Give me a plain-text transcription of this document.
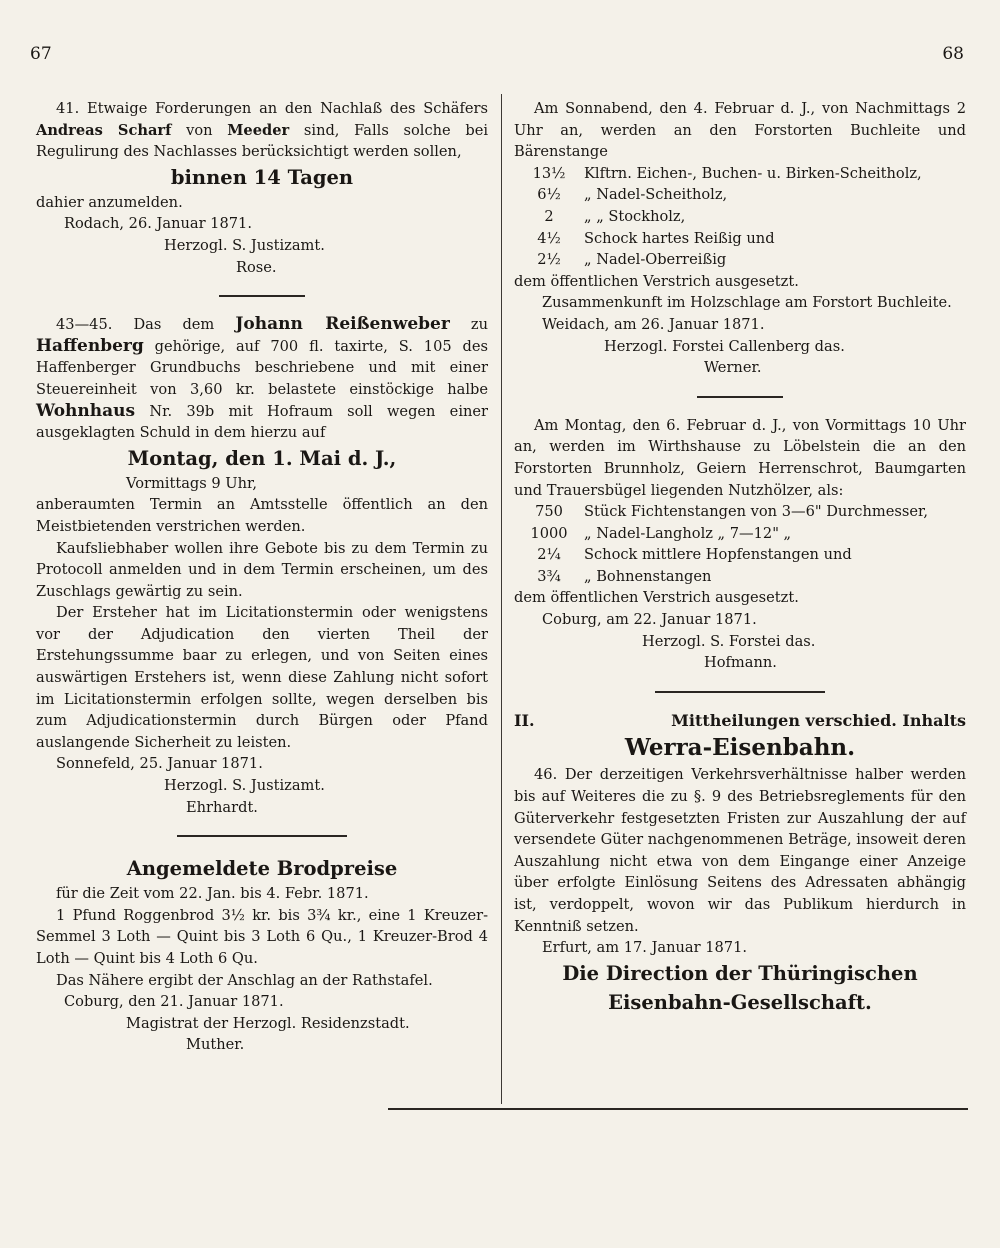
67	68

41. Etwaige Forderungen an den Nachlaß des Schäfers Andreas Scharf von Meeder sind, Falls solche bei Regulirung des Nachlasses berücksichtigt werden sollen,

binnen 14 Tagen

dahier anzumelden.

Rodach, 26. Januar 1871.

Herzogl. S. Justizamt.

Rose.

43—45. Das dem Johann Reißenweber zu Haffenberg gehörige, auf 700 fl. taxirte, S. 105 des Haffenberger Grundbuchs beschriebene und mit einer Steuereinheit von 3,60 kr. belastete einstöckige halbe Wohnhaus Nr. 39b mit Hofraum soll wegen einer ausgeklagten Schuld in dem hierzu auf

Montag, den 1. Mai d. J.,

Vormittags 9 Uhr,

anberaumten Termin an Amtsstelle öffentlich an den Meistbietenden verstrichen werden.

Kaufsliebhaber wollen ihre Gebote bis zu dem Termin zu Protocoll anmelden und in dem Termin erscheinen, um des Zuschlags gewärtig zu sein.

Der Ersteher hat im Licitationstermin oder wenigstens vor der Adjudication den vierten Theil der Erstehungssumme baar zu erlegen, und von Seiten eines auswärtigen Erstehers ist, wenn diese Zahlung nicht sofort im Licitationstermin erfolgen sollte, wegen derselben bis zum Adjudicationstermin durch Bürgen oder Pfand auslangende Sicherheit zu leisten.

Sonnefeld, 25. Januar 1871.

Herzogl. S. Justizamt.

Ehrhardt.

Angemeldete Brodpreise

für die Zeit vom 22. Jan. bis 4. Febr. 1871.

1 Pfund Roggenbrod 3½ kr. bis 3¾ kr., eine 1 Kreuzer-Semmel 3 Loth — Quint bis 3 Loth 6 Qu., 1 Kreuzer-Brod 4 Loth — Quint bis 4 Loth 6 Qu.

Das Nähere ergibt der Anschlag an der Rathstafel.

Coburg, den 21. Januar 1871.

Magistrat der Herzogl. Residenzstadt.

Muther.

Am Sonnabend, den 4. Februar d. J., von Nachmittags 2 Uhr an, werden an den Forstorten Buchleite und Bärenstange

13½	Klftrn. Eichen-, Buchen- u. Birken-Scheitholz,
6½	„ Nadel-Scheitholz,
2	„ „ Stockholz,
4½	Schock hartes Reißig und
2½	„ Nadel-Oberreißig

dem öffentlichen Verstrich ausgesetzt.

Zusammenkunft im Holzschlage am Forstort Buchleite.

Weidach, am 26. Januar 1871.

Herzogl. Forstei Callenberg das.

Werner.

Am Montag, den 6. Februar d. J., von Vormittags 10 Uhr an, werden im Wirthshause zu Löbelstein die an den Forstorten Brunnholz, Geiern Herrenschrot, Baumgarten und Trauersbügel liegenden Nutzhölzer, als:

750	Stück Fichtenstangen von 3—6" Durchmesser,
1000	„ Nadel-Langholz „ 7—12" „
2¼	Schock mittlere Hopfenstangen und
3¾	„ Bohnenstangen

dem öffentlichen Verstrich ausgesetzt.

Coburg, am 22. Januar 1871.

Herzogl. S. Forstei das.

Hofmann.

II.	Mittheilungen verschied. Inhalts

Werra-Eisenbahn.

46. Der derzeitigen Verkehrsverhältnisse halber werden bis auf Weiteres die zu §. 9 des Betriebsreglements für den Güterverkehr festgesetzten Fristen zur Auszahlung der auf versendete Güter nachgenommenen Beträge, insoweit deren Auszahlung nicht etwa von dem Eingange einer Anzeige über erfolgte Einlösung Seitens des Adressaten abhängig ist, verdoppelt, wovon wir das Publikum hierdurch in Kenntniß setzen.

Erfurt, am 17. Januar 1871.

Die Direction der Thüringischen

Eisenbahn-Gesellschaft.
